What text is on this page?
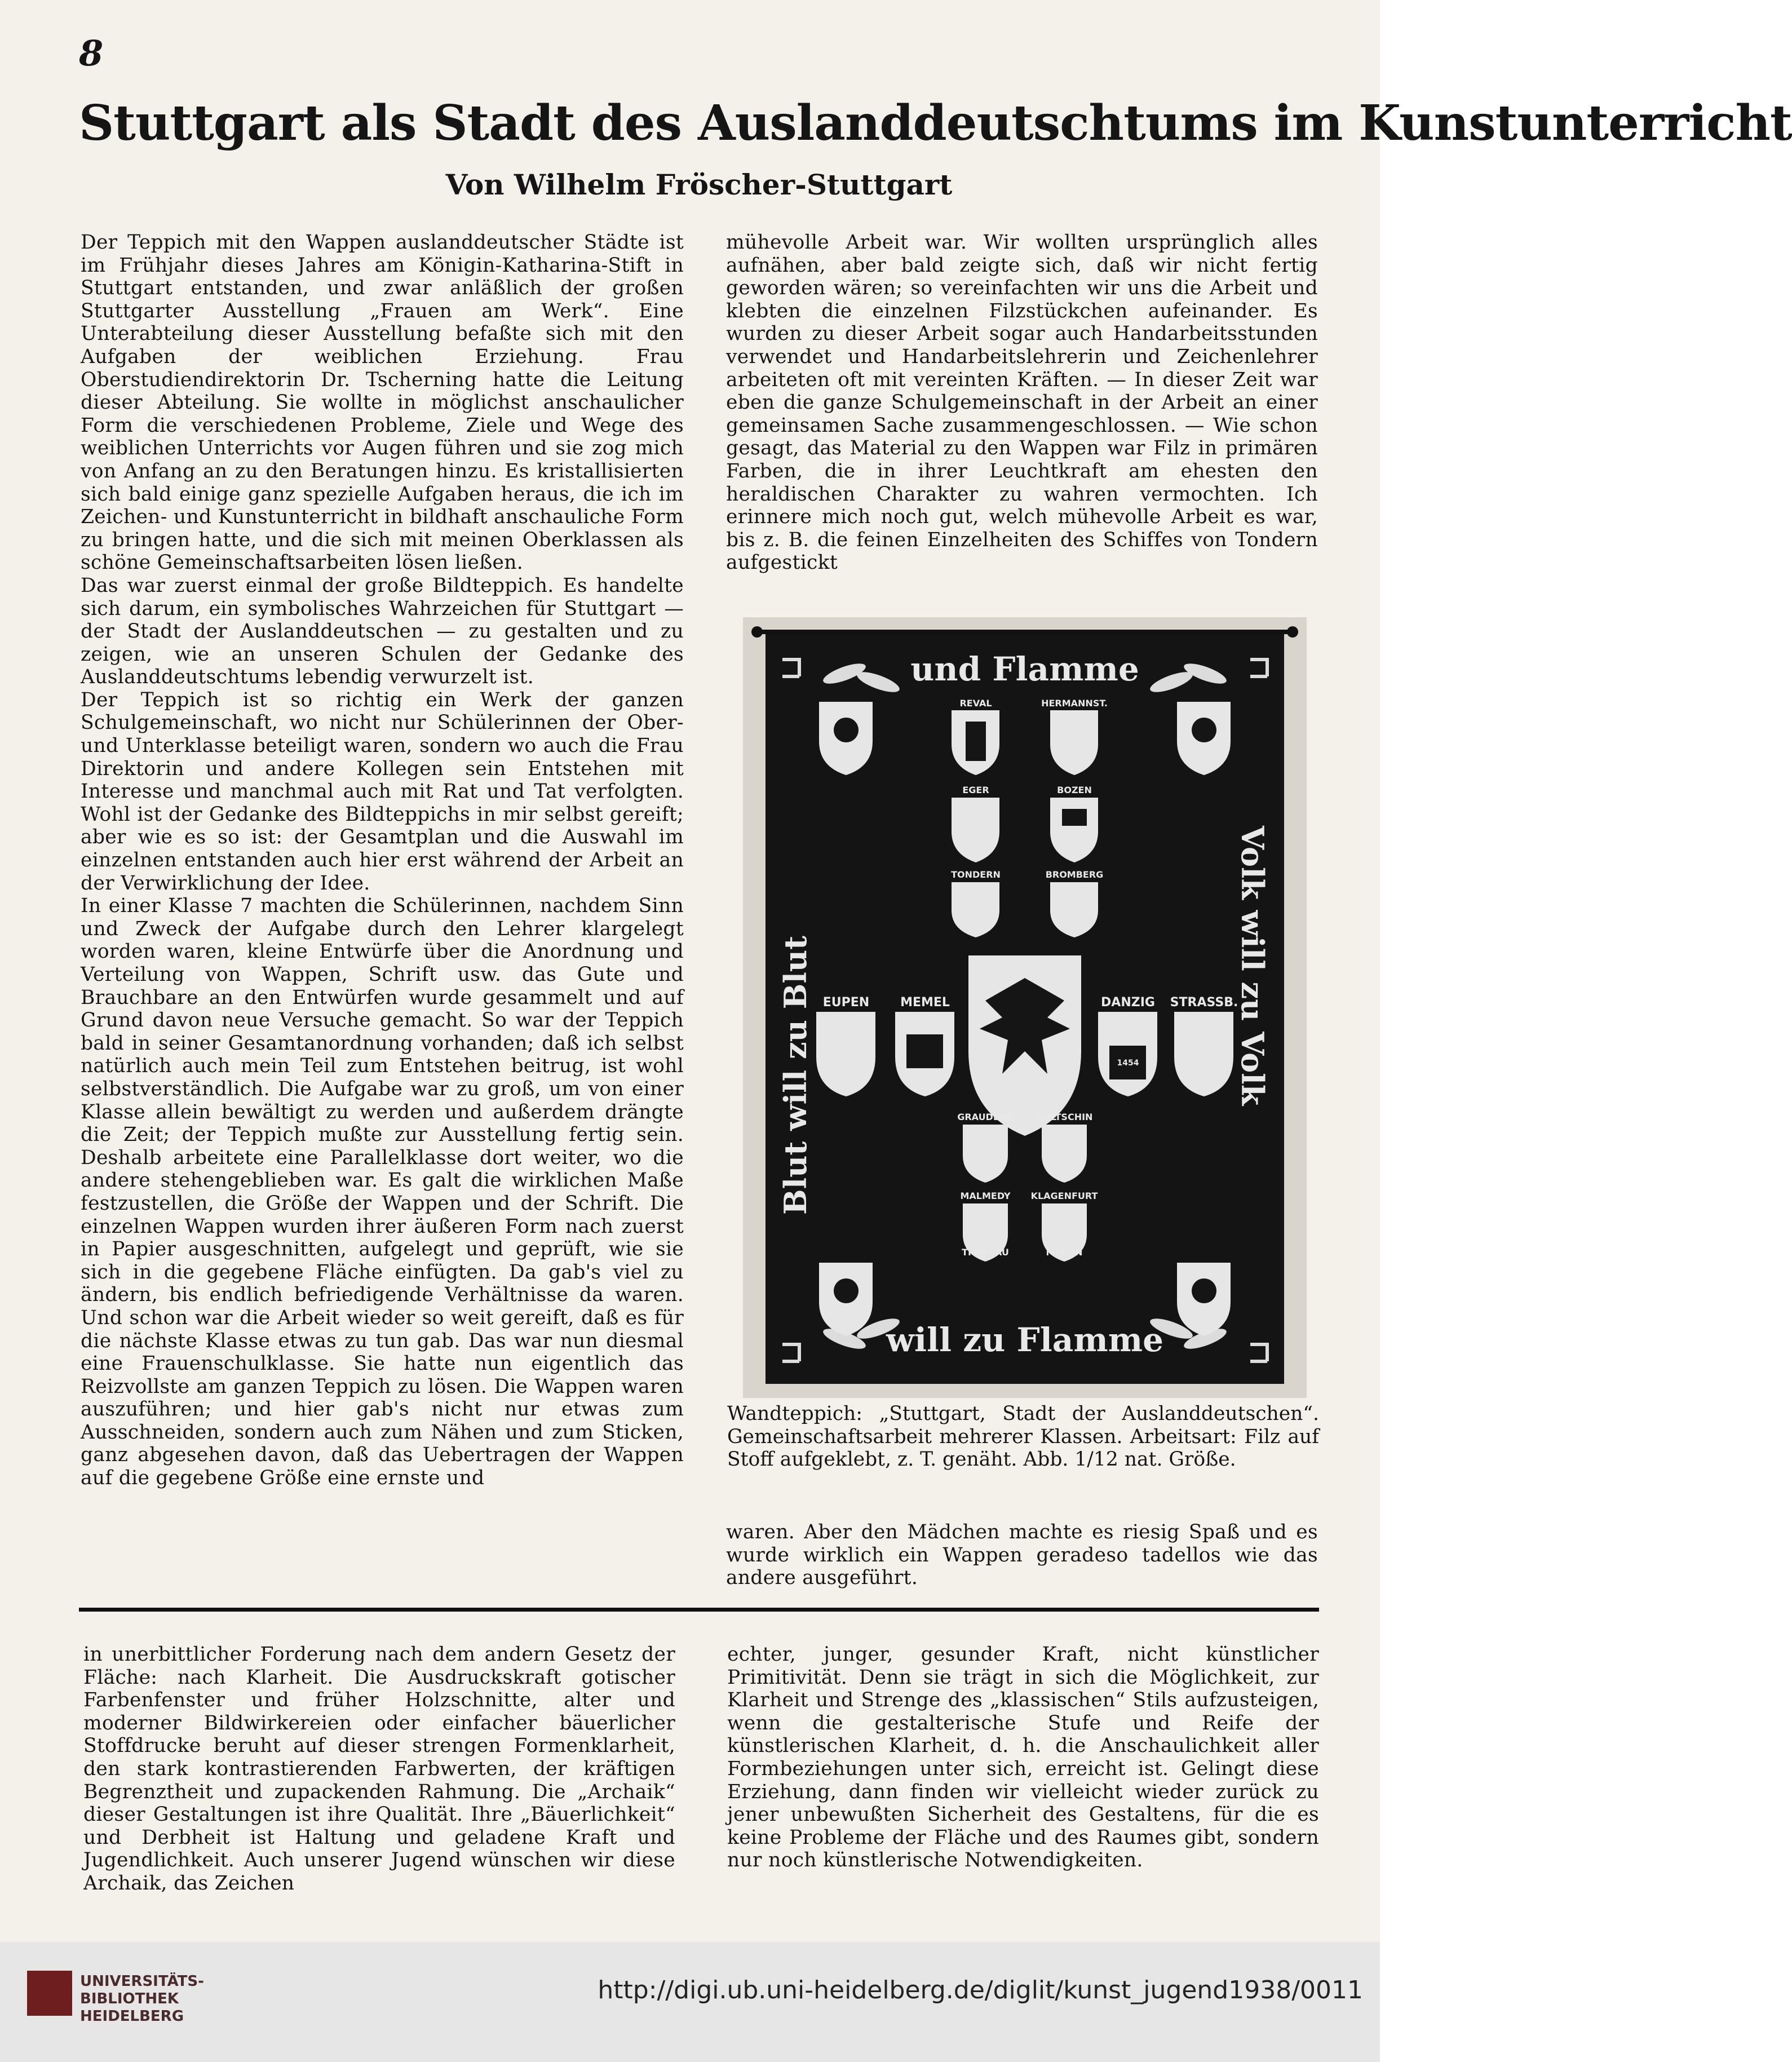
8
Stuttgart als Stadt des Auslanddeutschtums im Kunstunterricht
Von Wilhelm Fröscher-Stuttgart
Der Teppich mit den Wappen auslanddeutscher Städte ist im Frühjahr dieses Jahres am Königin-Katharina-Stift in Stuttgart entstanden, und zwar anläßlich der großen Stuttgarter Ausstellung „Frauen am Werk“. Eine Unterabteilung dieser Ausstellung befaßte sich mit den Aufgaben der weiblichen Erziehung. Frau Oberstudiendirektorin Dr. Tscherning hatte die Leitung dieser Abteilung. Sie wollte in möglichst anschaulicher Form die verschiedenen Probleme, Ziele und Wege des weiblichen Unterrichts vor Augen führen und sie zog mich von Anfang an zu den Beratungen hinzu. Es kristallisierten sich bald einige ganz spezielle Aufgaben heraus, die ich im Zeichen- und Kunstunterricht in bildhaft anschauliche Form zu bringen hatte, und die sich mit meinen Oberklassen als schöne Gemeinschaftsarbeiten lösen ließen.
Das war zuerst einmal der große Bildteppich. Es handelte sich darum, ein symbolisches Wahrzeichen für Stuttgart — der Stadt der Auslanddeutschen — zu gestalten und zu zeigen, wie an unseren Schulen der Gedanke des Auslanddeutschtums lebendig verwurzelt ist.
Der Teppich ist so richtig ein Werk der ganzen Schulgemeinschaft, wo nicht nur Schülerinnen der Ober- und Unterklasse beteiligt waren, sondern wo auch die Frau Direktorin und andere Kollegen sein Entstehen mit Interesse und manchmal auch mit Rat und Tat verfolgten. Wohl ist der Gedanke des Bildteppichs in mir selbst gereift; aber wie es so ist: der Gesamtplan und die Auswahl im einzelnen entstanden auch hier erst während der Arbeit an der Verwirklichung der Idee.
In einer Klasse 7 machten die Schülerinnen, nachdem Sinn und Zweck der Aufgabe durch den Lehrer klargelegt worden waren, kleine Entwürfe über die Anordnung und Verteilung von Wappen, Schrift usw. das Gute und Brauchbare an den Entwürfen wurde gesammelt und auf Grund davon neue Versuche gemacht. So war der Teppich bald in seiner Gesamtanordnung vorhanden; daß ich selbst natürlich auch mein Teil zum Entstehen beitrug, ist wohl selbstverständlich. Die Aufgabe war zu groß, um von einer Klasse allein bewältigt zu werden und außerdem drängte die Zeit; der Teppich mußte zur Ausstellung fertig sein. Deshalb arbeitete eine Parallelklasse dort weiter, wo die andere stehengeblieben war. Es galt die wirklichen Maße festzustellen, die Größe der Wappen und der Schrift. Die einzelnen Wappen wurden ihrer äußeren Form nach zuerst in Papier ausgeschnitten, aufgelegt und geprüft, wie sie sich in die gegebene Fläche einfügten. Da gab's viel zu ändern, bis endlich befriedigende Verhältnisse da waren. Und schon war die Arbeit wieder so weit gereift, daß es für die nächste Klasse etwas zu tun gab. Das war nun diesmal eine Frauenschulklasse. Sie hatte nun eigentlich das Reizvollste am ganzen Teppich zu lösen. Die Wappen waren auszuführen; und hier gab's nicht nur etwas zum Ausschneiden, sondern auch zum Nähen und zum Sticken, ganz abgesehen davon, daß das Uebertragen der Wappen auf die gegebene Größe eine ernste und
mühevolle Arbeit war. Wir wollten ursprünglich alles aufnähen, aber bald zeigte sich, daß wir nicht fertig geworden wären; so vereinfachten wir uns die Arbeit und klebten die einzelnen Filzstückchen aufeinander. Es wurden zu dieser Arbeit sogar auch Handarbeitsstunden verwendet und Handarbeitslehrerin und Zeichenlehrer arbeiteten oft mit vereinten Kräften. — In dieser Zeit war eben die ganze Schulgemeinschaft in der Arbeit an einer gemeinsamen Sache zusammengeschlossen. — Wie schon gesagt, das Material zu den Wappen war Filz in primären Farben, die in ihrer Leuchtkraft am ehesten den heraldischen Charakter zu wahren vermochten. Ich erinnere mich noch gut, welch mühevolle Arbeit es war, bis z. B. die feinen Einzelheiten des Schiffes von Tondern aufgestickt
und Flamme
will zu Flamme
Blut will zu Blut	Volk will zu Volk
REVAL	HERMANNST.
EGER	BOZEN
TONDERN	BROMBERG
EUPEN MEMEL	DANZIG STRASSB.
GRAUDENZ HULTSCHIN
MALMEDY KLAGENFURT
TROPPAU	MERAN
1454
Wandteppich: „Stuttgart, Stadt der Auslanddeutschen“. Gemeinschaftsarbeit mehrerer Klassen. Arbeitsart: Filz auf Stoff aufgeklebt, z. T. genäht. Abb. 1/12 nat. Größe.
waren. Aber den Mädchen machte es riesig Spaß und es wurde wirklich ein Wappen geradeso tadellos wie das andere ausgeführt.
in unerbittlicher Forderung nach dem andern Gesetz der Fläche: nach Klarheit. Die Ausdruckskraft gotischer Farbenfenster und früher Holzschnitte, alter und moderner Bildwirkereien oder einfacher bäuerlicher Stoffdrucke beruht auf dieser strengen Formenklarheit, den stark kontrastierenden Farbwerten, der kräftigen Begrenztheit und zupackenden Rahmung. Die „Archaik“ dieser Gestaltungen ist ihre Qualität. Ihre „Bäuerlichkeit“ und Derbheit ist Haltung und geladene Kraft und Jugendlichkeit. Auch unserer Jugend wünschen wir diese Archaik, das Zeichen
echter, junger, gesunder Kraft, nicht künstlicher Primitivität. Denn sie trägt in sich die Möglichkeit, zur Klarheit und Strenge des „klassischen“ Stils aufzusteigen, wenn die gestalterische Stufe und Reife der künstlerischen Klarheit, d. h. die Anschaulichkeit aller Formbeziehungen unter sich, erreicht ist. Gelingt diese Erziehung, dann finden wir vielleicht wieder zurück zu jener unbewußten Sicherheit des Gestaltens, für die es keine Probleme der Fläche und des Raumes gibt, sondern nur noch künstlerische Notwendigkeiten.
UNIVERSITÄTS-
BIBLIOTHEK
HEIDELBERG
http://digi.ub.uni-heidelberg.de/diglit/kunst_jugend1938/0011
